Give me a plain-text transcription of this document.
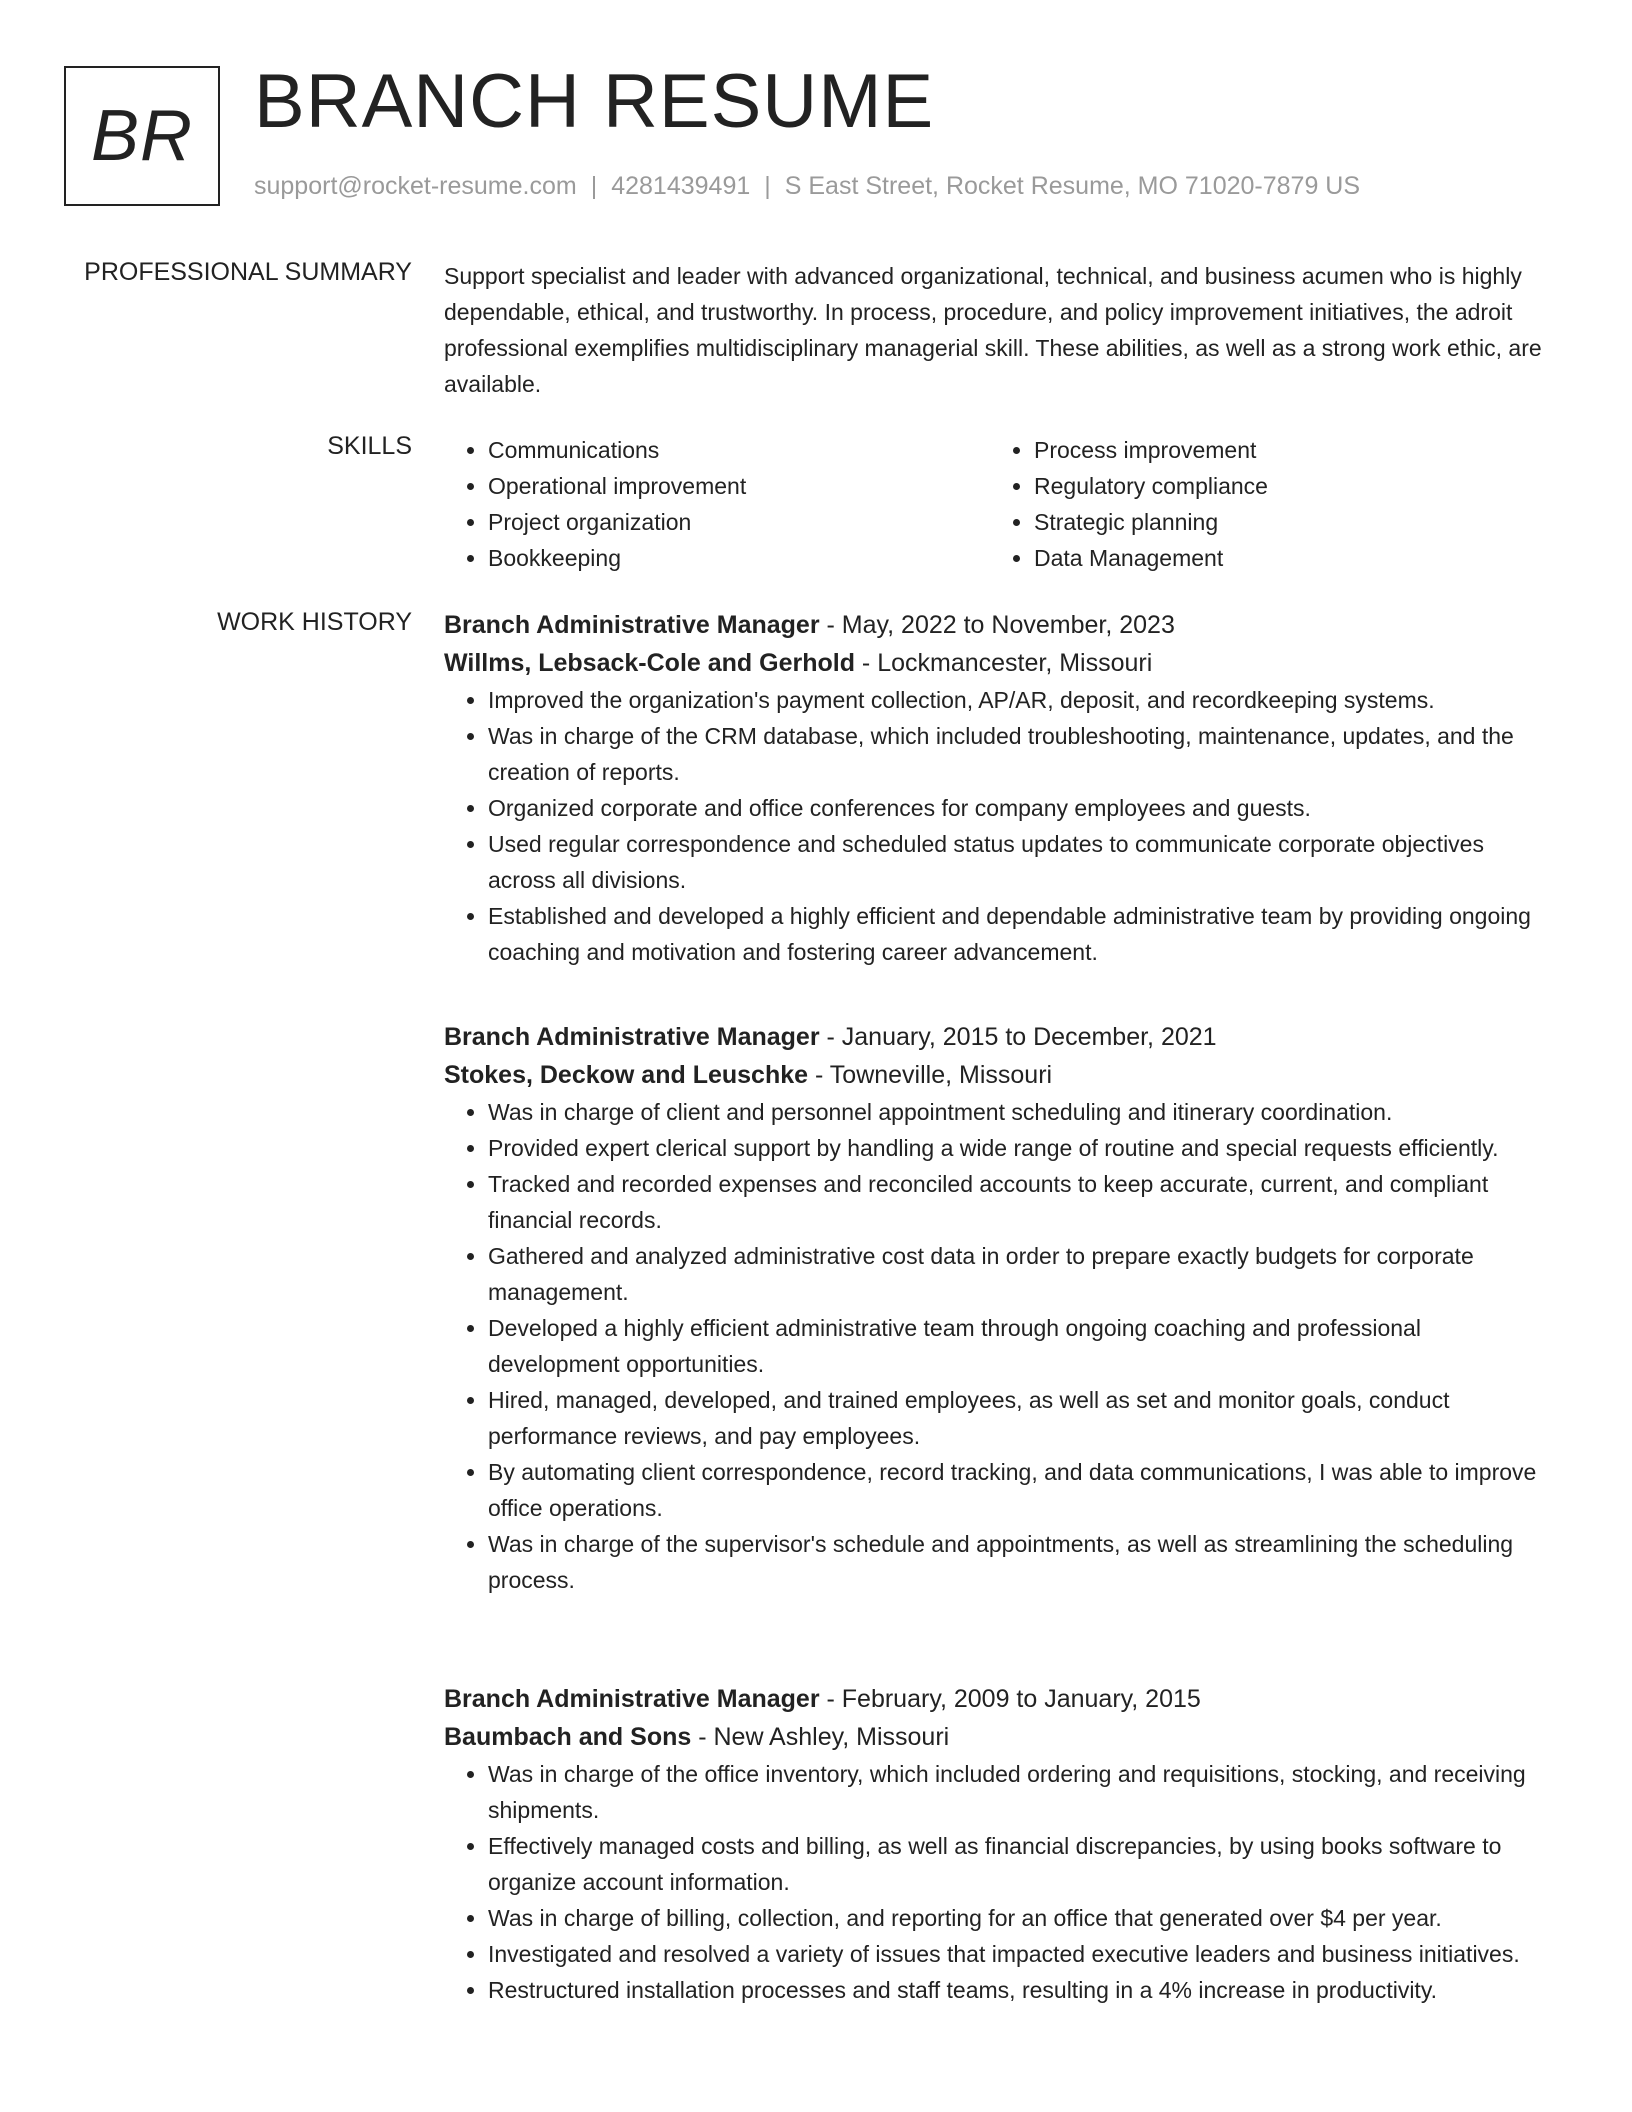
BR BRANCH RESUME
support@rocket-resume.com | 4281439491 | S East Street, Rocket Resume, MO 71020-7879 US
PROFESSIONAL SUMMARY Support specialist and leader with advanced organizational, technical, and business acumen who is highly dependable, ethical, and trustworthy. In process, procedure, and policy improvement initiatives, the adroit professional exemplifies multidisciplinary managerial skill. These abilities, as well as a strong work ethic, are available.

SKILLS
•	Communications
• Operational improvement
• Project organization
• Bookkeeping
• Process improvement
• Regulatory compliance
• Strategic planning
• Data Management
WORK HISTORY Branch Administrative Manager - May, 2022 to November, 2023
Willms, Lebsack-Cole and Gerhold - Lockmancester, Missouri
• Improved the organization's payment collection, AP/AR, deposit, and recordkeeping systems.
• Was in charge of the CRM database, which included troubleshooting, maintenance, updates, and the creation of reports.
• Organized corporate and office conferences for company employees and guests.
• Used regular correspondence and scheduled status updates to communicate corporate objectives across all divisions.
• Established and developed a highly efficient and dependable administrative team by providing ongoing coaching and motivation and fostering career advancement.
Branch Administrative Manager - January, 2015 to December, 2021
Stokes, Deckow and Leuschke - Towneville, Missouri
• Was in charge of client and personnel appointment scheduling and itinerary coordination.
• Provided expert clerical support by handling a wide range of routine and special requests efficiently.
• Tracked and recorded expenses and reconciled accounts to keep accurate, current, and compliant financial records.
• Gathered and analyzed administrative cost data in order to prepare exactly budgets for corporate management.
• Developed a highly efficient administrative team through ongoing coaching and professional development opportunities.
• Hired, managed, developed, and trained employees, as well as set and monitor goals, conduct performance reviews, and pay employees.
• By automating client correspondence, record tracking, and data communications, I was able to improve office operations.
• Was in charge of the supervisor's schedule and appointments, as well as streamlining the scheduling process.
Branch Administrative Manager - February, 2009 to January, 2015
Baumbach and Sons - New Ashley, Missouri
• Was in charge of the office inventory, which included ordering and requisitions, stocking, and receiving shipments.
• Effectively managed costs and billing, as well as financial discrepancies, by using books software to organize account information.
• Was in charge of billing, collection, and reporting for an office that generated over $4 per year.
• Investigated and resolved a variety of issues that impacted executive leaders and business initiatives.
• Restructured installation processes and staff teams, resulting in a 4% increase in productivity.
